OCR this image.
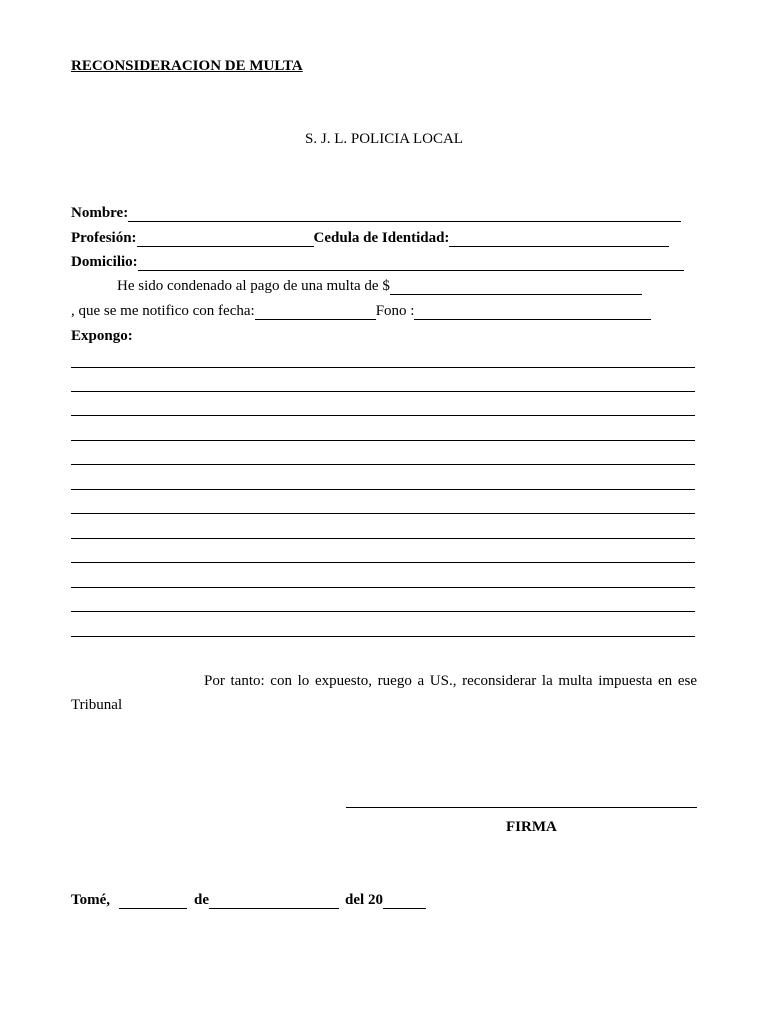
RECONSIDERACION DE MULTA
S. J. L. POLICIA LOCAL
Nombre:
Profesión:	Cedula de Identidad:
Domicilio:
He sido condenado al pago de una multa de $
, que se me notifico con fecha:	Fono :
Expongo:
Por tanto: con lo expuesto, ruego a US., reconsiderar la multa impuesta en ese Tribunal
FIRMA
Tomé,	de	del 20
